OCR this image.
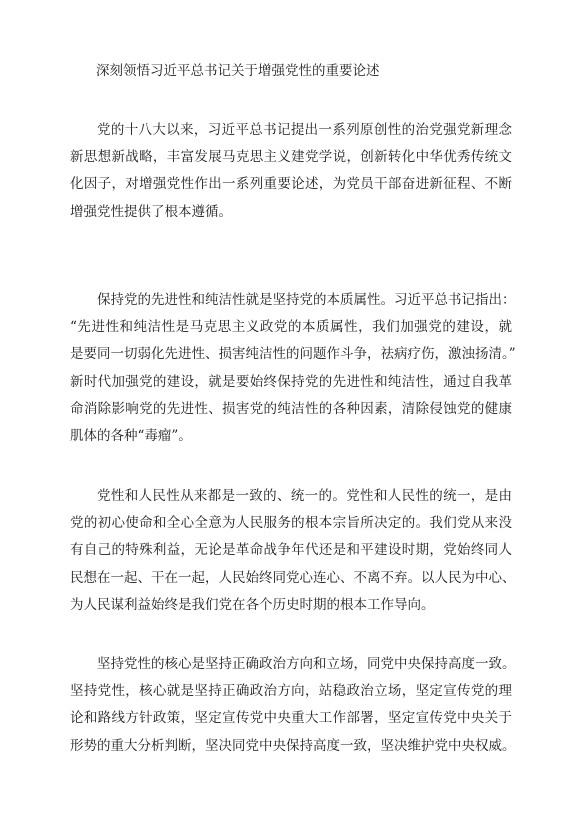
深刻领悟习近平总书记关于增强党性的重要论述
党的十八大以来，习近平总书记提出一系列原创性的治党强党新理念
新思想新战略，丰富发展马克思主义建党学说，创新转化中华优秀传统文
化因子，对增强党性作出一系列重要论述，为党员干部奋进新征程、不断
增强党性提供了根本遵循。
保持党的先进性和纯洁性就是坚持党的本质属性。习近平总书记指出：
“先进性和纯洁性是马克思主义政党的本质属性，我们加强党的建设，就
是要同一切弱化先进性、损害纯洁性的问题作斗争，祛病疗伤，激浊扬清。”
新时代加强党的建设，就是要始终保持党的先进性和纯洁性，通过自我革
命消除影响党的先进性、损害党的纯洁性的各种因素，清除侵蚀党的健康
肌体的各种“毒瘤”。
党性和人民性从来都是一致的、统一的。党性和人民性的统一，是由
党的初心使命和全心全意为人民服务的根本宗旨所决定的。我们党从来没
有自己的特殊利益，无论是革命战争年代还是和平建设时期，党始终同人
民想在一起、干在一起，人民始终同党心连心、不离不弃。以人民为中心、
为人民谋利益始终是我们党在各个历史时期的根本工作导向。
坚持党性的核心是坚持正确政治方向和立场，同党中央保持高度一致。
坚持党性，核心就是坚持正确政治方向，站稳政治立场，坚定宣传党的理
论和路线方针政策，坚定宣传党中央重大工作部署，坚定宣传党中央关于
形势的重大分析判断，坚决同党中央保持高度一致，坚决维护党中央权威。
